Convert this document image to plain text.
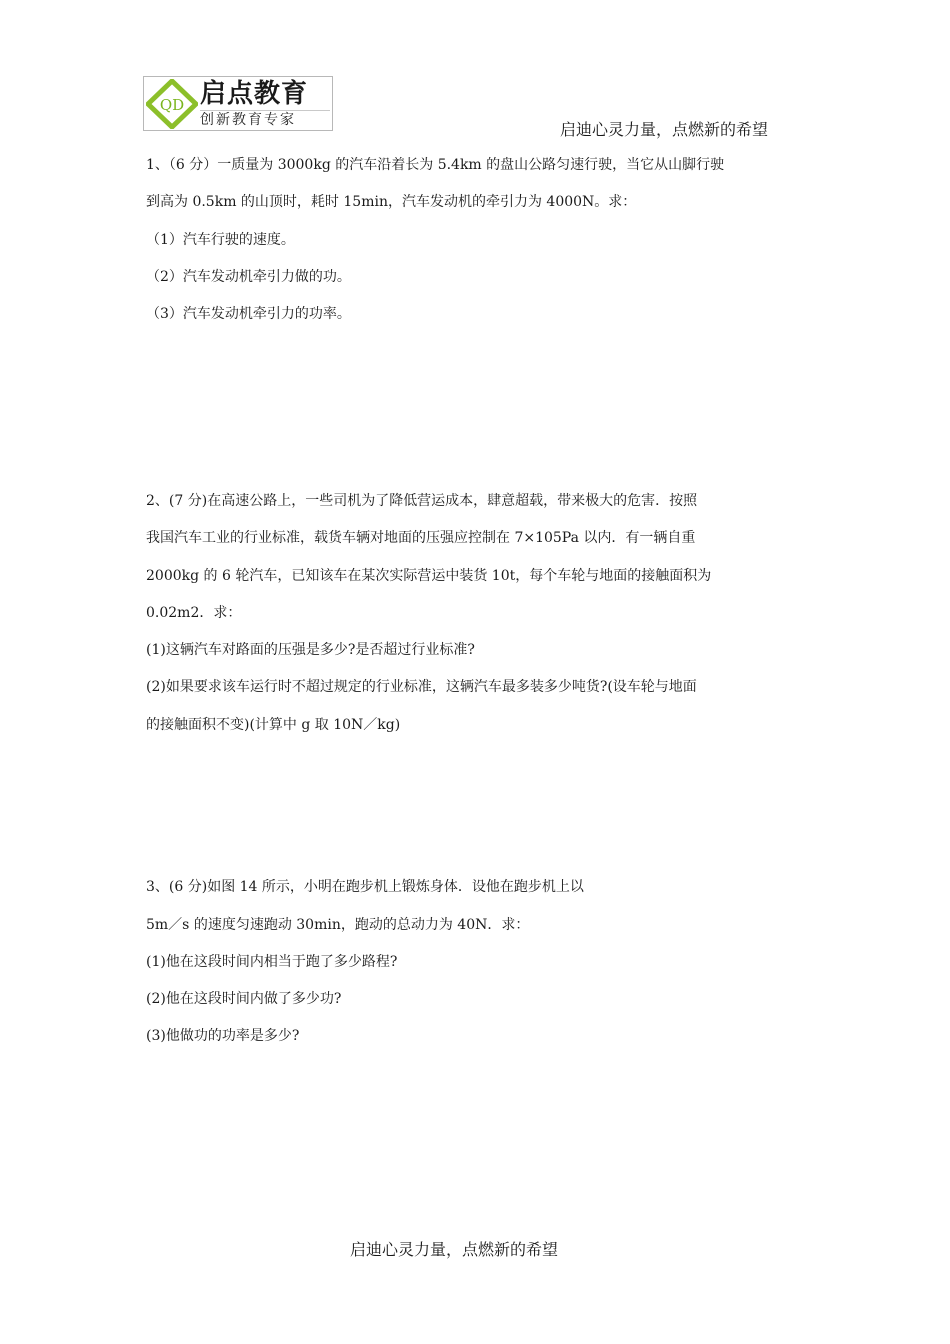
QD 启点教育
创新教育专家	启迪心灵力量，点燃新的希望
1、（6 分）一质量为 3000kg 的汽车沿着长为 5.4km 的盘山公路匀速行驶，当它从山脚行驶
到高为 0.5km 的山顶时，耗时 15min，汽车发动机的牵引力为 4000N。求：
（1）汽车行驶的速度。
（2）汽车发动机牵引力做的功。
（3）汽车发动机牵引力的功率。
2、(7 分)在高速公路上，一些司机为了降低营运成本，肆意超载，带来极大的危害．按照
我国汽车工业的行业标准，载货车辆对地面的压强应控制在 7×105Pa 以内．有一辆自重
2000kg 的 6 轮汽车，已知该车在某次实际营运中装货 10t，每个车轮与地面的接触面积为
0.02m2．求：
(1)这辆汽车对路面的压强是多少?是否超过行业标准?
(2)如果要求该车运行时不超过规定的行业标准，这辆汽车最多装多少吨货?(设车轮与地面
的接触面积不变)(计算中 g 取 10N／kg)
3、(6 分)如图 14 所示，小明在跑步机上锻炼身体．设他在跑步机上以
5m／s 的速度匀速跑动 30min，跑动的总动力为 40N．求：
(1)他在这段时间内相当于跑了多少路程?
(2)他在这段时间内做了多少功?
(3)他做功的功率是多少?
启迪心灵力量，点燃新的希望
